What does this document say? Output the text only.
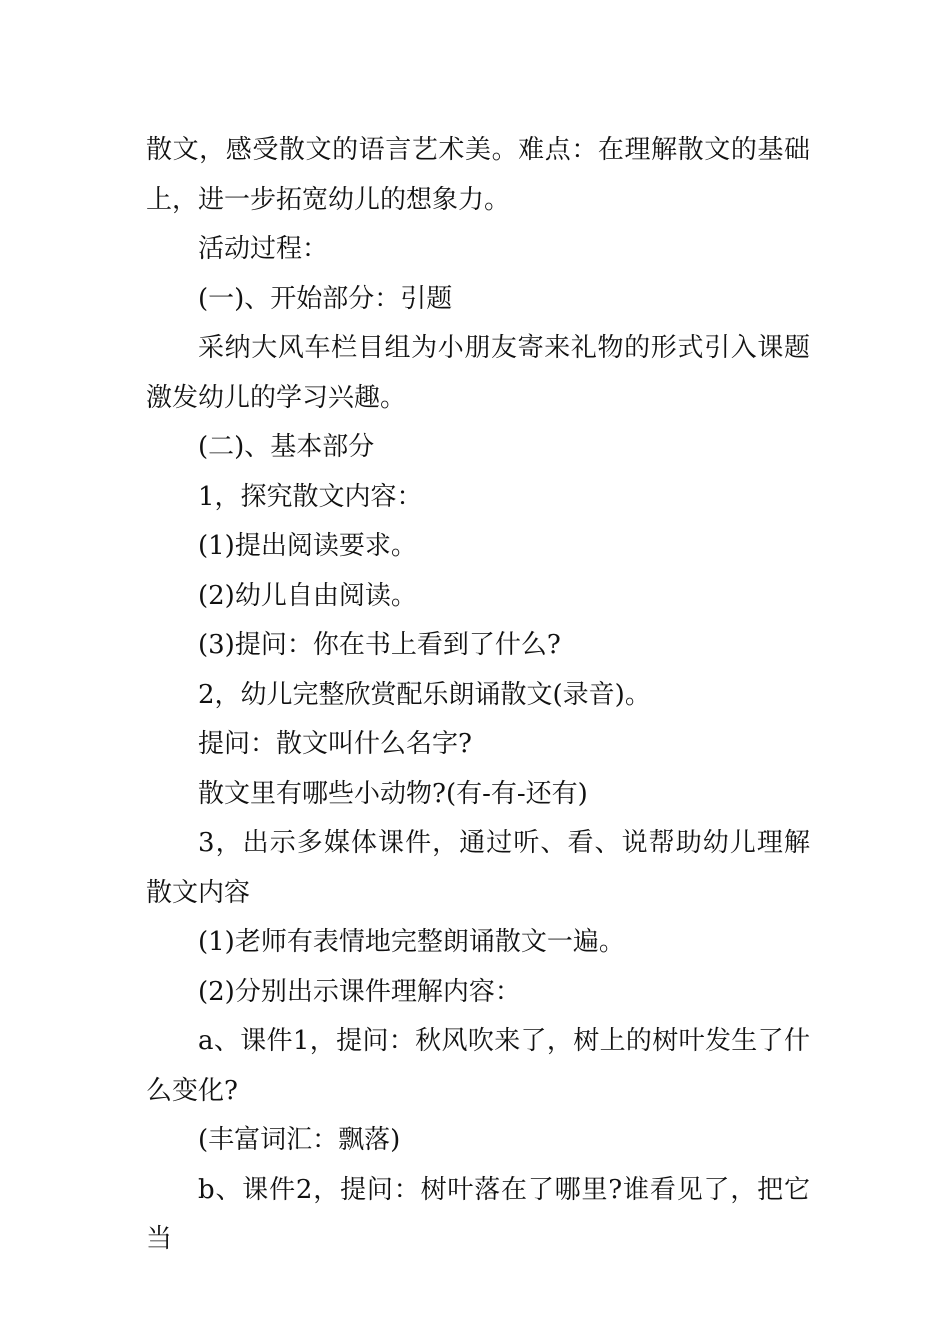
散文，感受散文的语言艺术美。难点：在理解散文的基础上，进一步拓宽幼儿的想象力。

活动过程：

(一)、开始部分：引题

采纳大风车栏目组为小朋友寄来礼物的形式引入课题激发幼儿的学习兴趣。

(二)、基本部分

1，探究散文内容：

(1)提出阅读要求。

(2)幼儿自由阅读。

(3)提问：你在书上看到了什么?

2，幼儿完整欣赏配乐朗诵散文(录音)。

提问：散文叫什么名字?

散文里有哪些小动物?(有-有-还有)

3，出示多媒体课件，通过听、看、说帮助幼儿理解散文内容

(1)老师有表情地完整朗诵散文一遍。

(2)分别出示课件理解内容：

a、课件1，提问：秋风吹来了，树上的树叶发生了什么变化?

(丰富词汇：飘落)

b、课件2，提问：树叶落在了哪里?谁看见了，把它当
